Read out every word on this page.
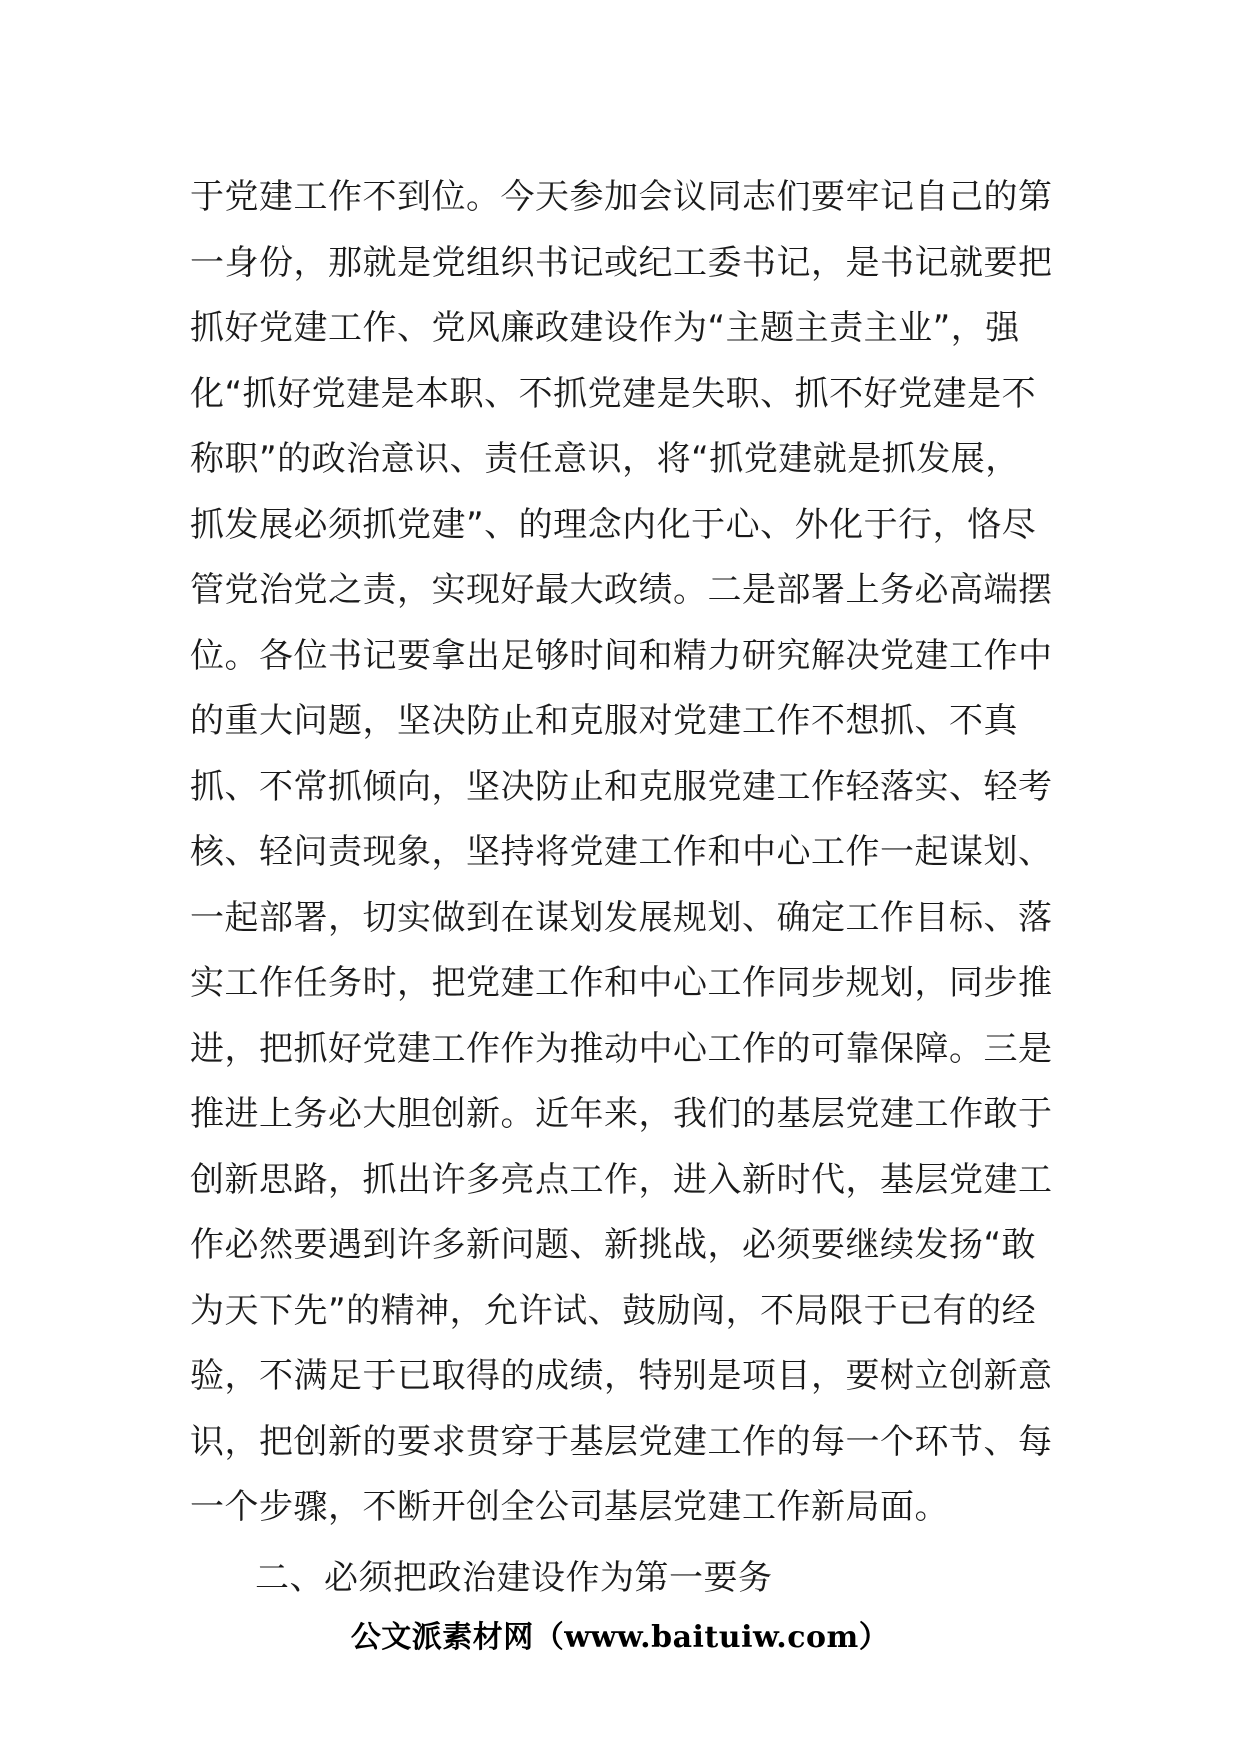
于党建工作不到位。今天参加会议同志们要牢记自己的第
一身份，那就是党组织书记或纪工委书记，是书记就要把
抓好党建工作、党风廉政建设作为“主题主责主业”，强
化“抓好党建是本职、不抓党建是失职、抓不好党建是不
称职”的政治意识、责任意识，将“抓党建就是抓发展，
抓发展必须抓党建”、的理念内化于心、外化于行，恪尽
管党治党之责，实现好最大政绩。二是部署上务必高端摆
位。各位书记要拿出足够时间和精力研究解决党建工作中
的重大问题，坚决防止和克服对党建工作不想抓、不真
抓、不常抓倾向，坚决防止和克服党建工作轻落实、轻考
核、轻问责现象，坚持将党建工作和中心工作一起谋划、
一起部署，切实做到在谋划发展规划、确定工作目标、落
实工作任务时，把党建工作和中心工作同步规划，同步推
进，把抓好党建工作作为推动中心工作的可靠保障。三是
推进上务必大胆创新。近年来，我们的基层党建工作敢于
创新思路，抓出许多亮点工作，进入新时代，基层党建工
作必然要遇到许多新问题、新挑战，必须要继续发扬“敢
为天下先”的精神，允许试、鼓励闯，不局限于已有的经
验，不满足于已取得的成绩，特别是项目，要树立创新意
识，把创新的要求贯穿于基层党建工作的每一个环节、每
一个步骤，不断开创全公司基层党建工作新局面。
二、必须把政治建设作为第一要务
公文派素材网（www.baituiw.com）
